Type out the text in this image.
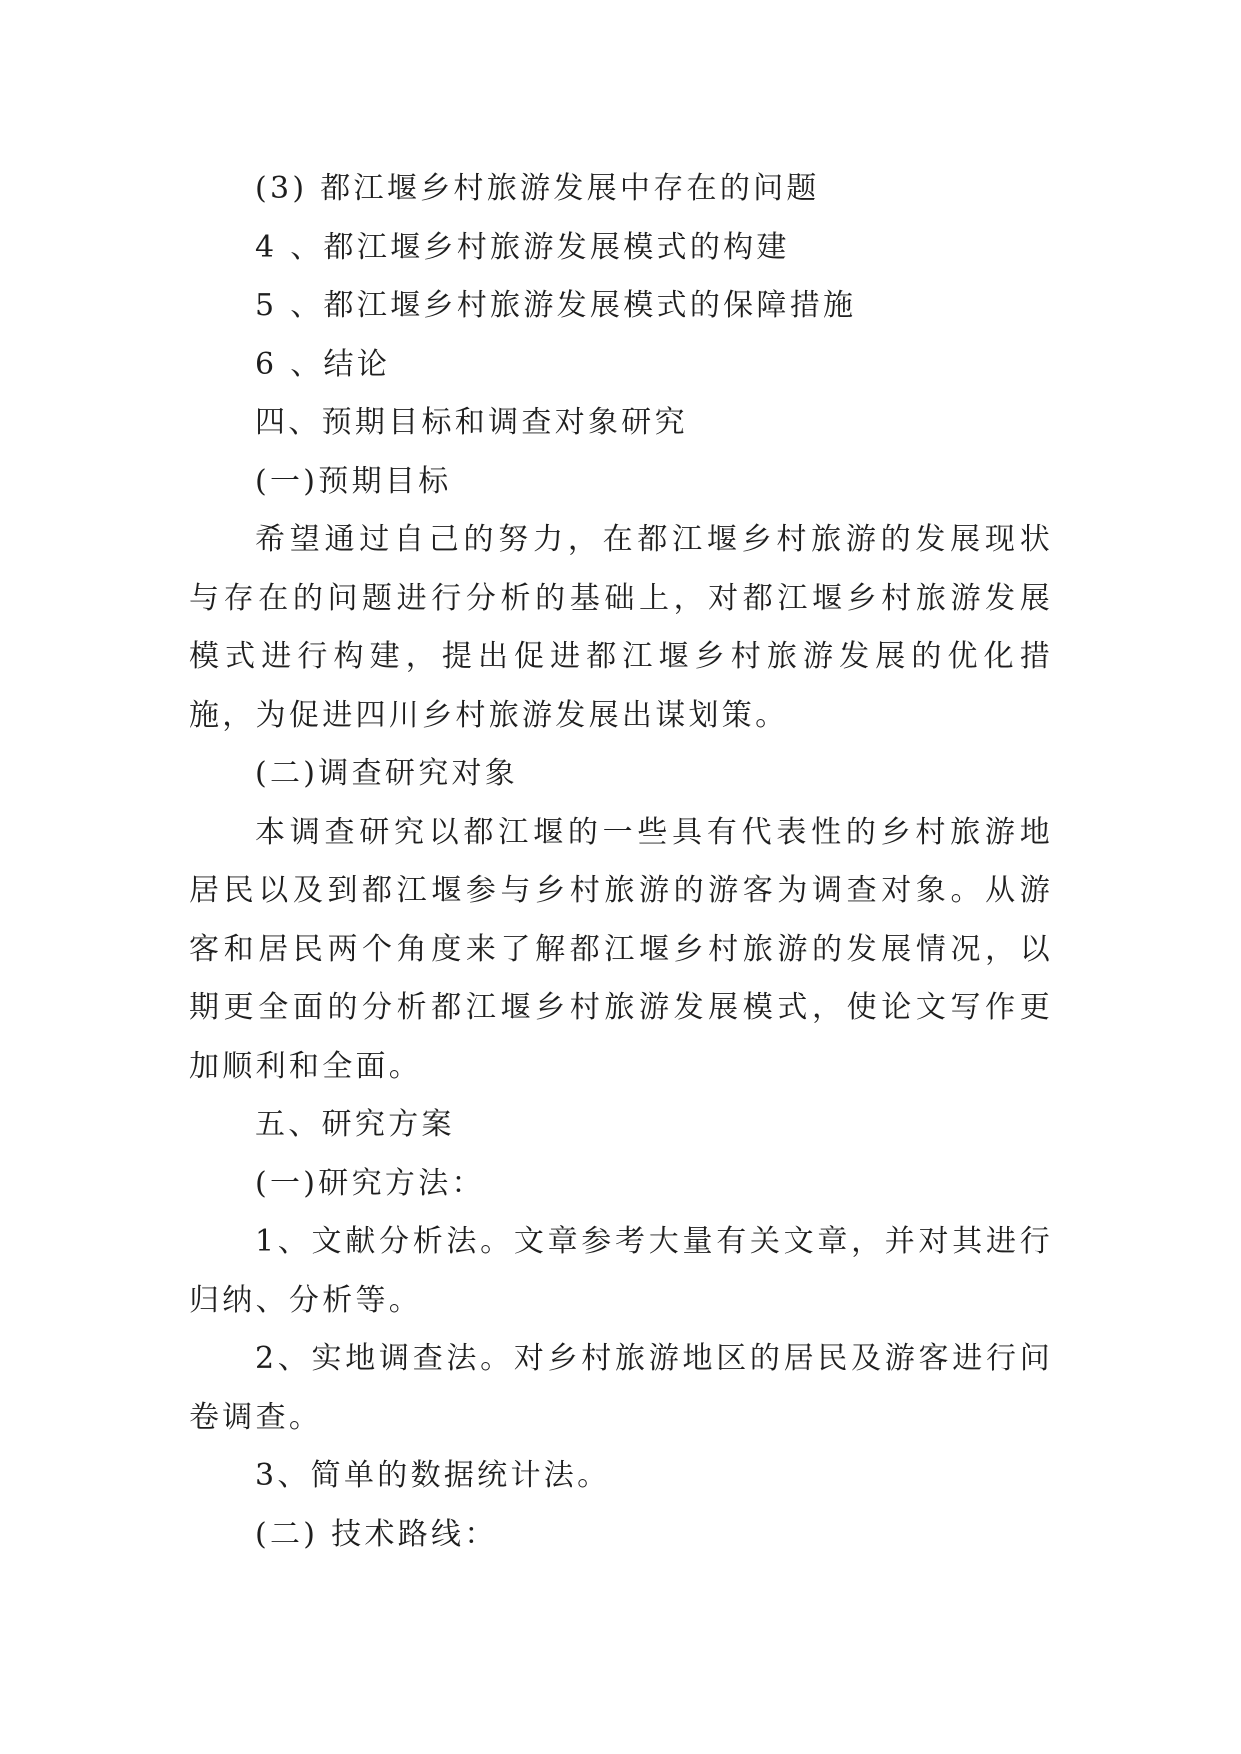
(3) 都江堰乡村旅游发展中存在的问题

4 、都江堰乡村旅游发展模式的构建

5 、都江堰乡村旅游发展模式的保障措施

6 、结论

四、预期目标和调查对象研究

(一)预期目标

希望通过自己的努力，在都江堰乡村旅游的发展现状与存在的问题进行分析的基础上，对都江堰乡村旅游发展模式进行构建，提出促进都江堰乡村旅游发展的优化措施，为促进四川乡村旅游发展出谋划策。

(二)调查研究对象

本调查研究以都江堰的一些具有代表性的乡村旅游地居民以及到都江堰参与乡村旅游的游客为调查对象。从游客和居民两个角度来了解都江堰乡村旅游的发展情况，以期更全面的分析都江堰乡村旅游发展模式，使论文写作更加顺利和全面。

五、研究方案

(一)研究方法：

1、文献分析法。文章参考大量有关文章，并对其进行归纳、分析等。

2、实地调查法。对乡村旅游地区的居民及游客进行问卷调查。

3、简单的数据统计法。

(二) 技术路线：
